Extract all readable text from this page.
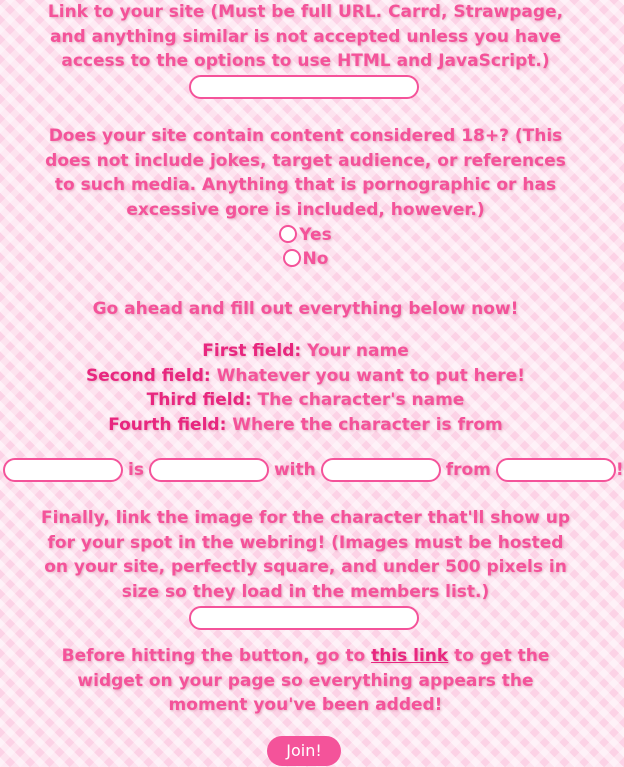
Link to your site (Must be full URL. Carrd, Strawpage, and anything similar is not accepted unless you have access to the options to use HTML and JavaScript.)
Does your site contain content considered 18+? (This does not include jokes, target audience, or references to such media. Anything that is pornographic or has excessive gore is included, however.)
Yes
No
Go ahead and fill out everything below now!
First field: Your name
Second field: Whatever you want to put here!
Third field: The character's name
Fourth field: Where the character is from
is	with	from	!
Finally, link the image for the character that'll show up for your spot in the webring! (Images must be hosted on your site, perfectly square, and under 500 pixels in size so they load in the members list.)
Before hitting the button, go to this link to get the widget on your page so everything appears the moment you've been added!
Join!
